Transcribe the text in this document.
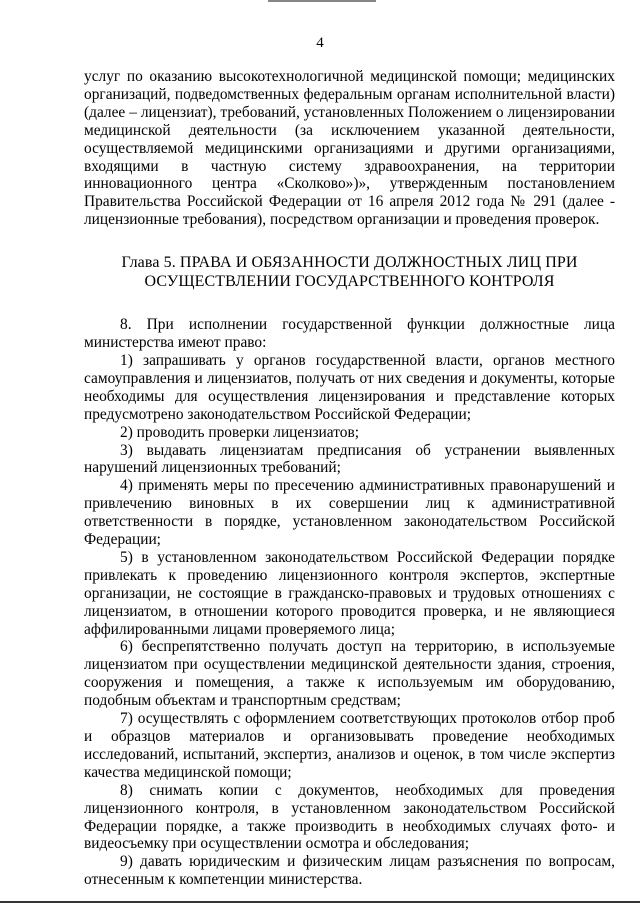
4

услуг по оказанию высокотехнологичной медицинской помощи; медицинских организаций, подведомственных федеральным органам исполнительной власти) (далее – лицензиат), требований, установленных Положением о лицензировании медицинской деятельности (за исключением указанной деятельности, осуществляемой медицинскими организациями и другими организациями, входящими в частную систему здравоохранения, на территории инновационного центра «Сколково»)», утвержденным постановлением Правительства Российской Федерации от 16 апреля 2012 года № 291 (далее - лицензионные требования), посредством организации и проведения проверок.

Глава 5. ПРАВА И ОБЯЗАННОСТИ ДОЛЖНОСТНЫХ ЛИЦ ПРИ
ОСУЩЕСТВЛЕНИИ ГОСУДАРСТВЕННОГО КОНТРОЛЯ

8. При исполнении государственной функции должностные лица министерства имеют право:

1) запрашивать у органов государственной власти, органов местного самоуправления и лицензиатов, получать от них сведения и документы, которые необходимы для осуществления лицензирования и представление которых предусмотрено законодательством Российской Федерации;

2) проводить проверки лицензиатов;

3) выдавать лицензиатам предписания об устранении выявленных нарушений лицензионных требований;

4) применять меры по пресечению административных правонарушений и привлечению виновных в их совершении лиц к административной ответственности в порядке, установленном законодательством Российской Федерации;

5) в установленном законодательством Российской Федерации порядке привлекать к проведению лицензионного контроля экспертов, экспертные организации, не состоящие в гражданско-правовых и трудовых отношениях с лицензиатом, в отношении которого проводится проверка, и не являющиеся аффилированными лицами проверяемого лица;

6) беспрепятственно получать доступ на территорию, в используемые лицензиатом при осуществлении медицинской деятельности здания, строения, сооружения и помещения, а также к используемым им оборудованию, подобным объектам и транспортным средствам;

7) осуществлять с оформлением соответствующих протоколов отбор проб и образцов материалов и организовывать проведение необходимых исследований, испытаний, экспертиз, анализов и оценок, в том числе экспертиз качества медицинской помощи;

8) снимать копии с документов, необходимых для проведения лицензионного контроля, в установленном законодательством Российской Федерации порядке, а также производить в необходимых случаях фото- и видеосъемку при осуществлении осмотра и обследования;

9) давать юридическим и физическим лицам разъяснения по вопросам, отнесенным к компетенции министерства.
